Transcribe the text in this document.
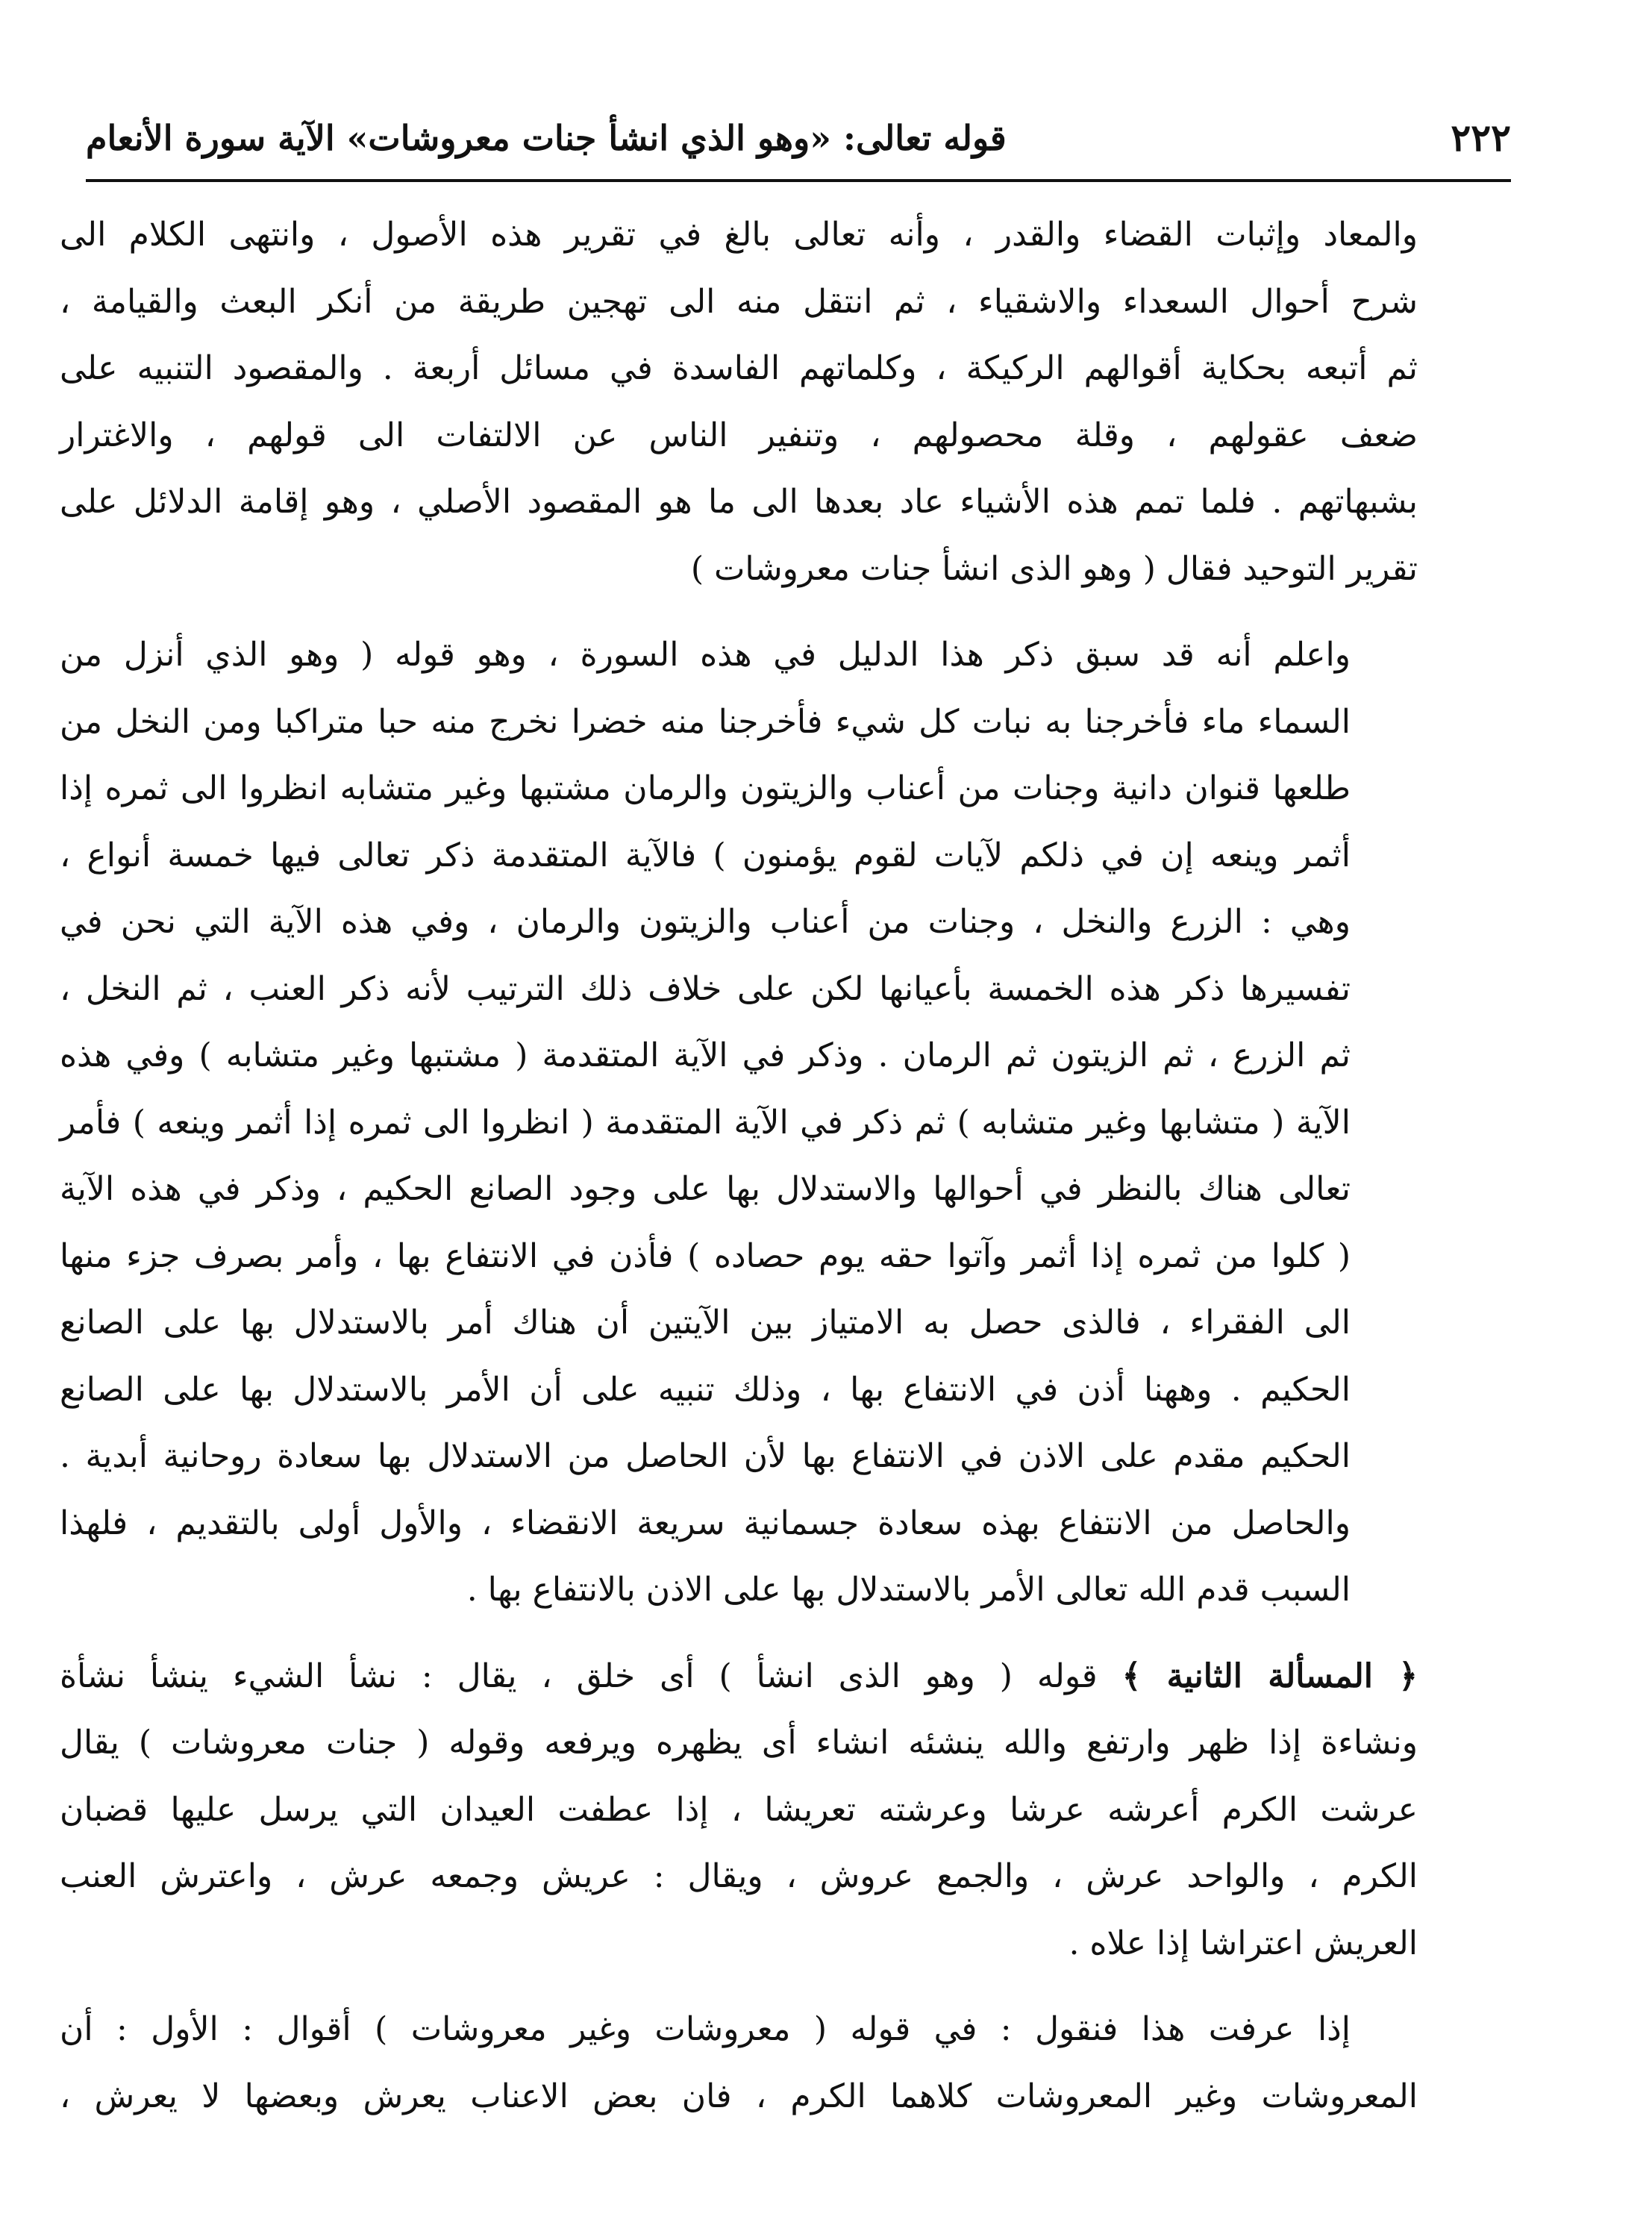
٢٢٢
قوله تعالى: «وهو الذي انشأ جنات معروشات» الآية سورة الأنعام

والمعاد وإثبات القضاء والقدر ، وأنه تعالى بالغ في تقرير هذه الأصول ، وانتهى الكلام الى
شرح أحوال السعداء والاشقياء ، ثم انتقل منه الى تهجين طريقة من أنكر البعث والقيامة ،
ثم أتبعه بحكاية أقوالهم الركيكة ، وكلماتهم الفاسدة في مسائل أربعة . والمقصود التنبيه على
ضعف عقولهم ، وقلة محصولهم ، وتنفير الناس عن الالتفات الى قولهم ، والاغترار
بشبهاتهم . فلما تمم هذه الأشياء عاد بعدها الى ما هو المقصود الأصلي ، وهو إقامة الدلائل على
تقرير التوحيد فقال ( وهو الذى انشأ جنات معروشات )

واعلم أنه قد سبق ذكر هذا الدليل في هذه السورة ، وهو قوله ( وهو الذي أنزل من
السماء ماء فأخرجنا به نبات كل شيء فأخرجنا منه خضرا نخرج منه حبا متراكبا ومن النخل من
طلعها قنوان دانية وجنات من أعناب والزيتون والرمان مشتبها وغير متشابه انظروا الى ثمره إذا
أثمر وينعه إن في ذلكم لآيات لقوم يؤمنون ) فالآية المتقدمة ذكر تعالى فيها خمسة أنواع ،
وهي : الزرع والنخل ، وجنات من أعناب والزيتون والرمان ، وفي هذه الآية التي نحن في
تفسيرها ذكر هذه الخمسة بأعيانها لكن على خلاف ذلك الترتيب لأنه ذكر العنب ، ثم النخل ،
ثم الزرع ، ثم الزيتون ثم الرمان . وذكر في الآية المتقدمة ( مشتبها وغير متشابه ) وفي هذه
الآية ( متشابها وغير متشابه ) ثم ذكر في الآية المتقدمة ( انظروا الى ثمره إذا أثمر وينعه ) فأمر
تعالى هناك بالنظر في أحوالها والاستدلال بها على وجود الصانع الحكيم ، وذكر في هذه الآية
( كلوا من ثمره إذا أثمر وآتوا حقه يوم حصاده ) فأذن في الانتفاع بها ، وأمر بصرف جزء منها
الى الفقراء ، فالذى حصل به الامتياز بين الآيتين أن هناك أمر بالاستدلال بها على الصانع
الحكيم . وههنا أذن في الانتفاع بها ، وذلك تنبيه على أن الأمر بالاستدلال بها على الصانع
الحكيم مقدم على الاذن في الانتفاع بها لأن الحاصل من الاستدلال بها سعادة روحانية أبدية .
والحاصل من الانتفاع بهذه سعادة جسمانية سريعة الانقضاء ، والأول أولى بالتقديم ، فلهذا
السبب قدم الله تعالى الأمر بالاستدلال بها على الاذن بالانتفاع بها .

﴿ المسألة الثانية ﴾ قوله ( وهو الذى انشأ ) أى خلق ، يقال : نشأ الشيء ينشأ نشأة
ونشاءة إذا ظهر وارتفع والله ينشئه انشاء أى يظهره ويرفعه وقوله ( جنات معروشات ) يقال
عرشت الكرم أعرشه عرشا وعرشته تعريشا ، إذا عطفت العيدان التي يرسل عليها قضبان
الكرم ، والواحد عرش ، والجمع عروش ، ويقال : عريش وجمعه عرش ، واعترش العنب
العريش اعتراشا إذا علاه .

إذا عرفت هذا فنقول : في قوله ( معروشات وغير معروشات ) أقوال : الأول : أن
المعروشات وغير المعروشات كلاهما الكرم ، فان بعض الاعناب يعرش وبعضها لا يعرش ،
